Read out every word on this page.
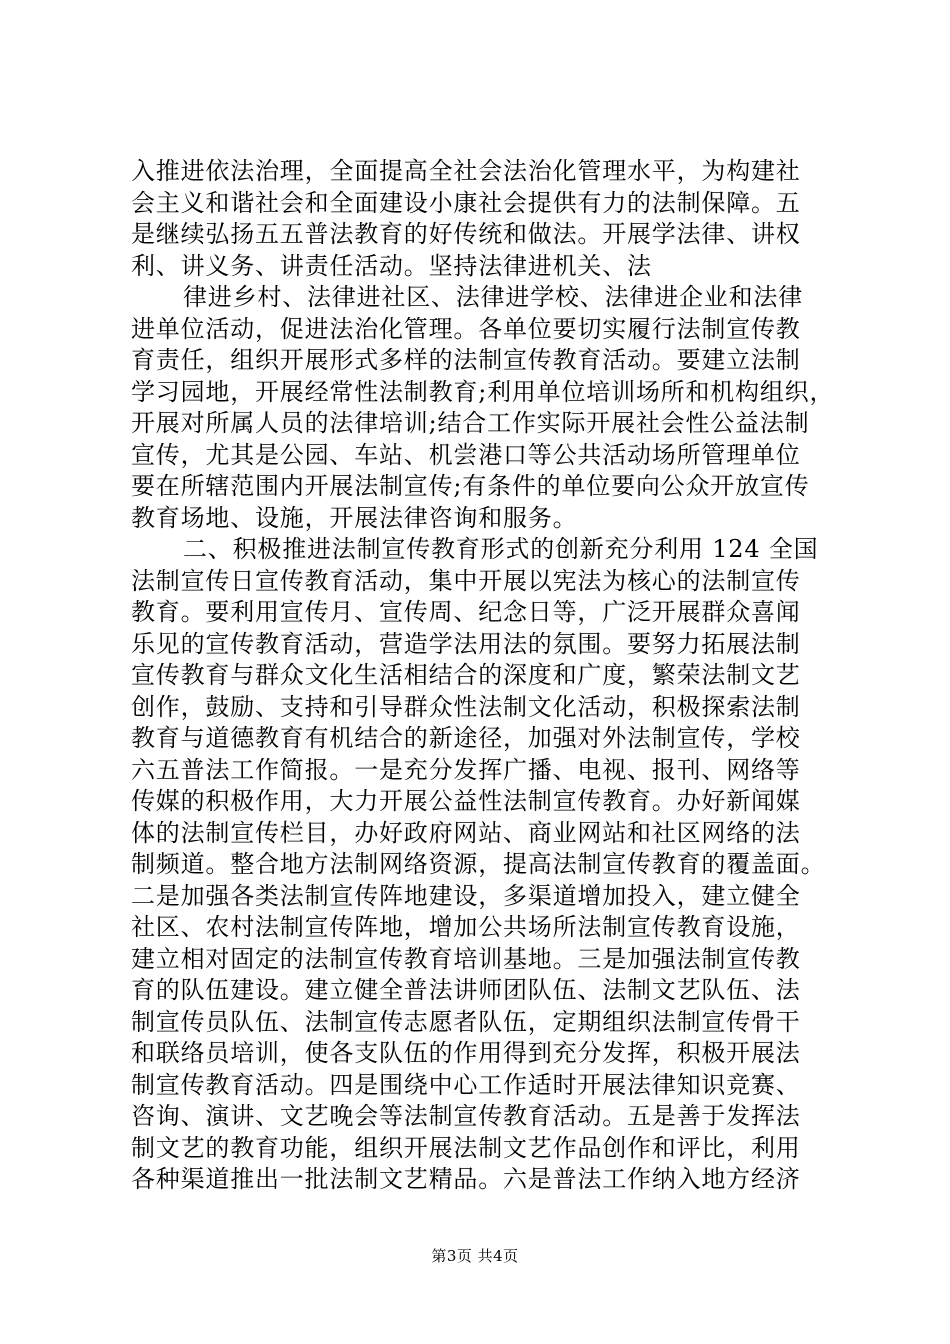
入推进依法治理，全面提高全社会法治化管理水平，为构建社
会主义和谐社会和全面建设小康社会提供有力的法制保障。五
是继续弘扬五五普法教育的好传统和做法。开展学法律、讲权
利、讲义务、讲责任活动。坚持法律进机关、法
律进乡村、法律进社区、法律进学校、法律进企业和法律
进单位活动，促进法治化管理。各单位要切实履行法制宣传教
育责任，组织开展形式多样的法制宣传教育活动。要建立法制
学习园地，开展经常性法制教育;利用单位培训场所和机构组织，
开展对所属人员的法律培训;结合工作实际开展社会性公益法制
宣传，尤其是公园、车站、机尝港口等公共活动场所管理单位
要在所辖范围内开展法制宣传;有条件的单位要向公众开放宣传
教育场地、设施，开展法律咨询和服务。
二、积极推进法制宣传教育形式的创新充分利用 124 全国
法制宣传日宣传教育活动，集中开展以宪法为核心的法制宣传
教育。要利用宣传月、宣传周、纪念日等，广泛开展群众喜闻
乐见的宣传教育活动，营造学法用法的氛围。要努力拓展法制
宣传教育与群众文化生活相结合的深度和广度，繁荣法制文艺
创作，鼓励、支持和引导群众性法制文化活动，积极探索法制
教育与道德教育有机结合的新途径，加强对外法制宣传，学校
六五普法工作简报。一是充分发挥广播、电视、报刊、网络等
传媒的积极作用，大力开展公益性法制宣传教育。办好新闻媒
体的法制宣传栏目，办好政府网站、商业网站和社区网络的法
制频道。整合地方法制网络资源，提高法制宣传教育的覆盖面。
二是加强各类法制宣传阵地建设，多渠道增加投入，建立健全
社区、农村法制宣传阵地，增加公共场所法制宣传教育设施，
建立相对固定的法制宣传教育培训基地。三是加强法制宣传教
育的队伍建设。建立健全普法讲师团队伍、法制文艺队伍、法
制宣传员队伍、法制宣传志愿者队伍，定期组织法制宣传骨干
和联络员培训，使各支队伍的作用得到充分发挥，积极开展法
制宣传教育活动。四是围绕中心工作适时开展法律知识竞赛、
咨询、演讲、文艺晚会等法制宣传教育活动。五是善于发挥法
制文艺的教育功能，组织开展法制文艺作品创作和评比，利用
各种渠道推出一批法制文艺精品。六是普法工作纳入地方经济
第3页 共4页
